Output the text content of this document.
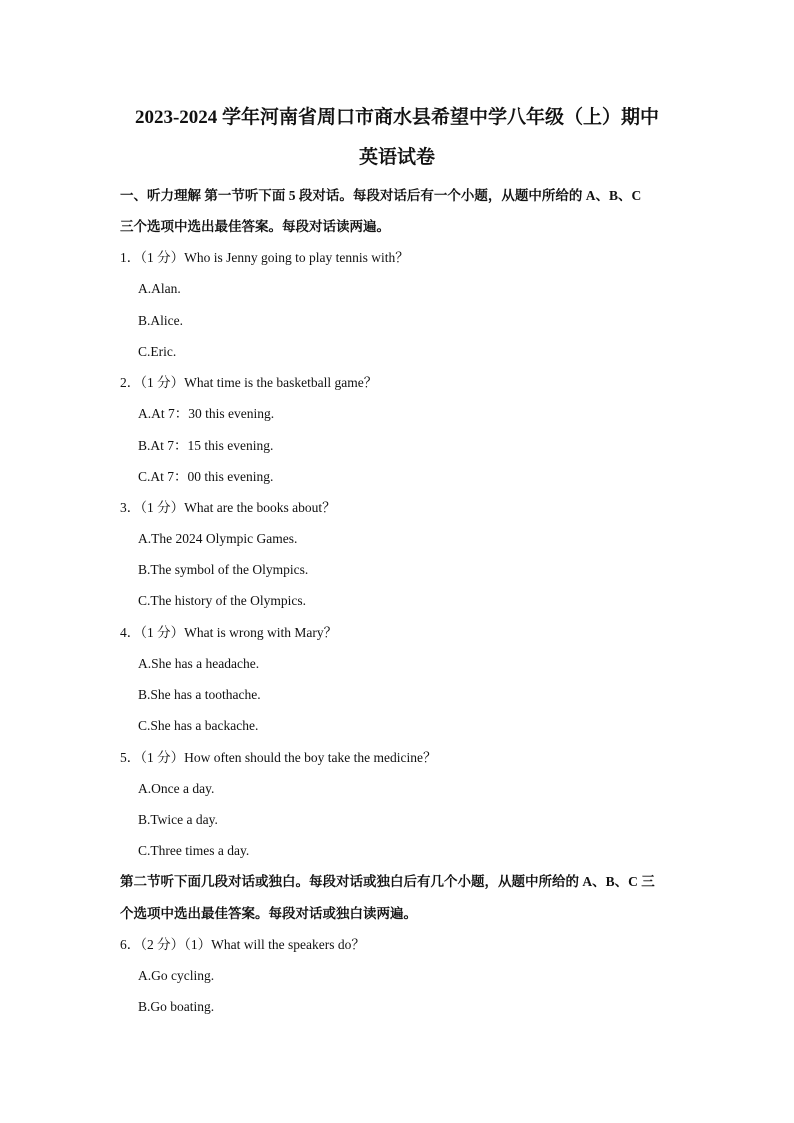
2023-2024 学年河南省周口市商水县希望中学八年级（上）期中
英语试卷
一、听力理解 第一节听下面 5 段对话。每段对话后有一个小题，从题中所给的 A、B、C
三个选项中选出最佳答案。每段对话读两遍。
1．（1 分）Who is Jenny going to play tennis with？
A.Alan.
B.Alice.
C.Eric.
2．（1 分）What time is the basketball game？
A.At 7：30 this evening.
B.At 7：15 this evening.
C.At 7：00 this evening.
3．（1 分）What are the books about？
A.The 2024 Olympic Games.
B.The symbol of the Olympics.
C.The history of the Olympics.
4．（1 分）What is wrong with Mary？
A.She has a headache.
B.She has a toothache.
C.She has a backache.
5．（1 分）How often should the boy take the medicine？
A.Once a day.
B.Twice a day.
C.Three times a day.
第二节听下面几段对话或独白。每段对话或独白后有几个小题，从题中所给的 A、B、C 三
个选项中选出最佳答案。每段对话或独白读两遍。
6．（2 分）（1）What will the speakers do？
A.Go cycling.
B.Go boating.
